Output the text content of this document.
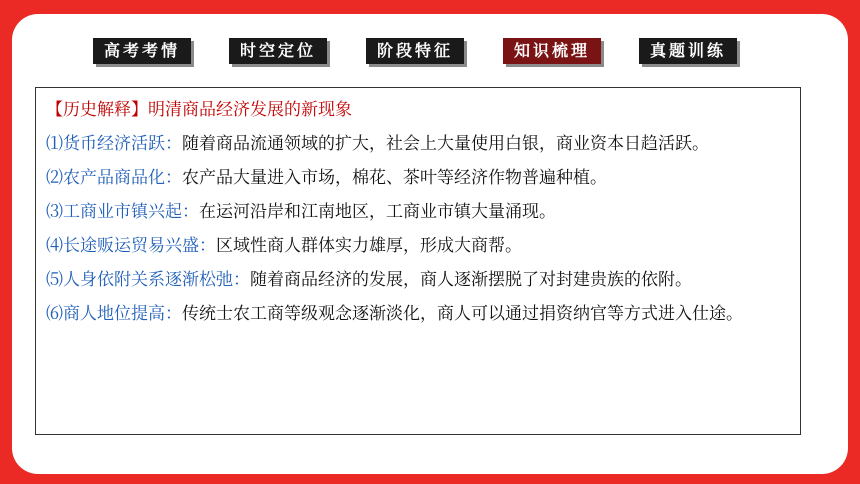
高考考情	时空定位	阶段特征	知识梳理	真题训练
【历史解释】明清商品经济发展的新现象
⑴货币经济活跃：随着商品流通领域的扩大，社会上大量使用白银，商业资本日趋活跃。
⑵农产品商品化：农产品大量进入市场，棉花、茶叶等经济作物普遍种植。
⑶工商业市镇兴起：在运河沿岸和江南地区，工商业市镇大量涌现。
⑷长途贩运贸易兴盛：区域性商人群体实力雄厚，形成大商帮。
⑸人身依附关系逐渐松弛：随着商品经济的发展，商人逐渐摆脱了对封建贵族的依附。
⑹商人地位提高：传统士农工商等级观念逐渐淡化，商人可以通过捐资纳官等方式进入仕途。
